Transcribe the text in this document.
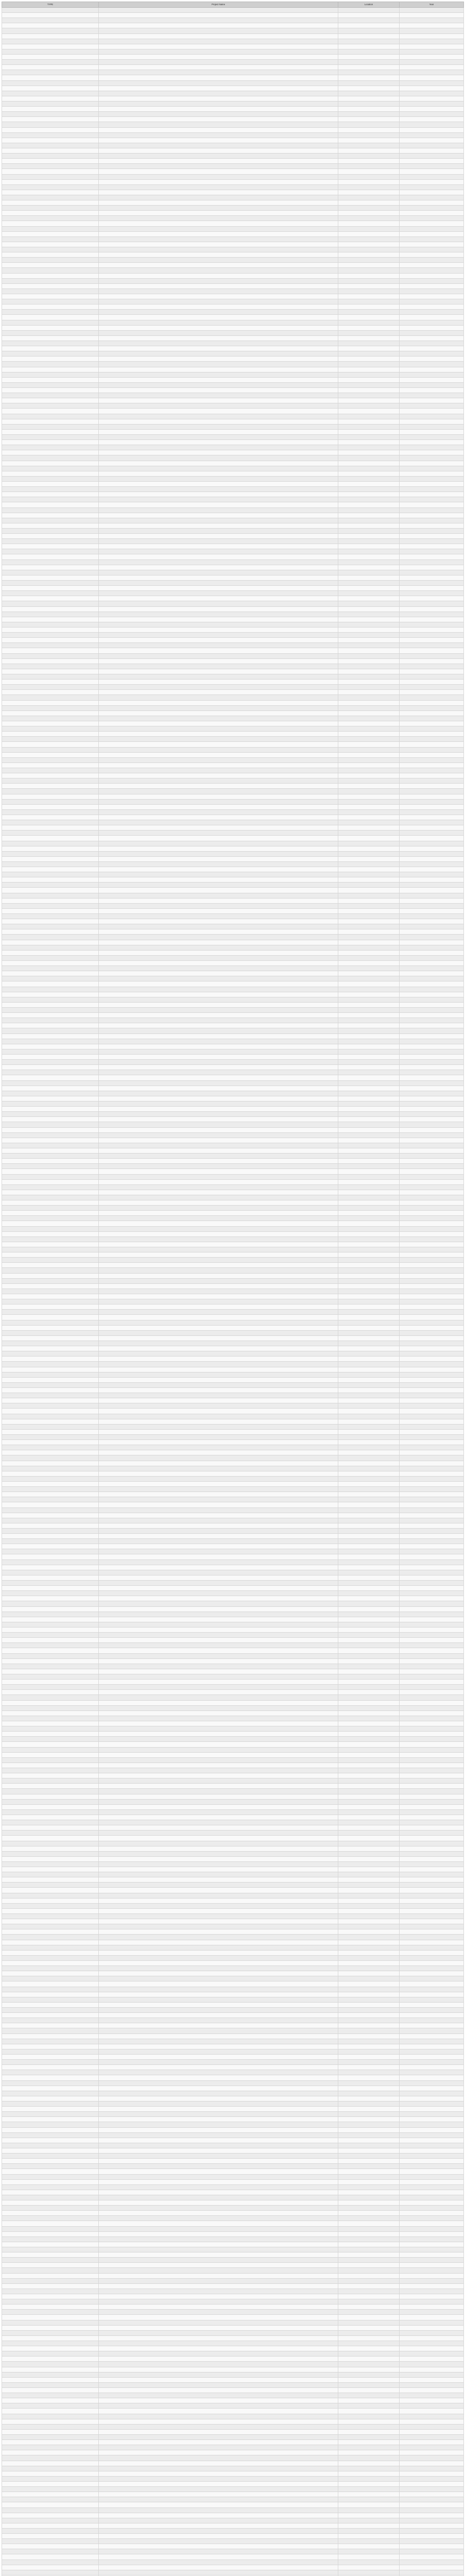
TYPE	Project Name	Location	Year
